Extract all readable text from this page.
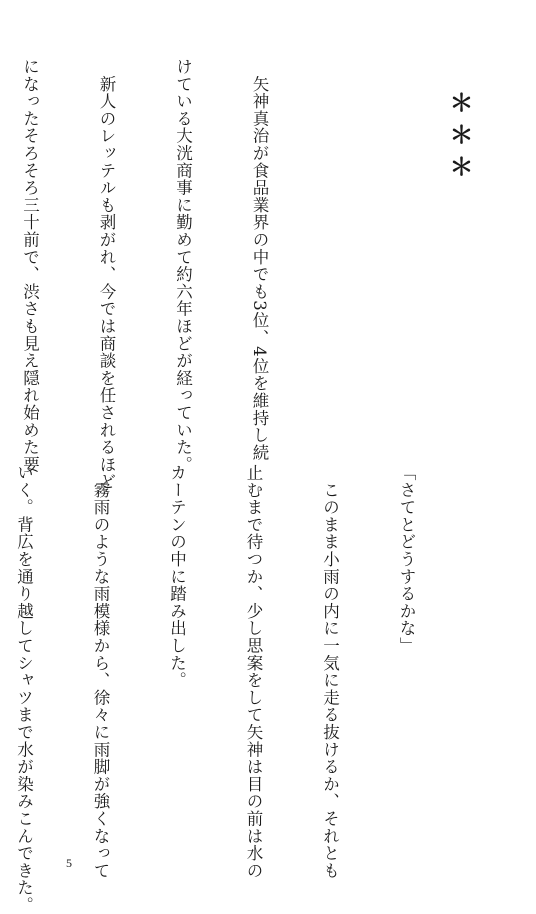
＊＊＊

　矢神真治が食品業界の中でも3位、4位を維持し続

けている大洸商事に勤めて約六年ほどが経っていた。

　新人のレッテルも剥がれ、今では商談を任されるほど

になったそろそろ三十前で、渋さも見え隠れ始めた要

「さてとどうするかな」

　このまま小雨の内に一気に走る抜けるか、それとも

止むまで待つか、少し思案をして矢神は目の前は水の

カーテンの中に踏み出した。

　霧雨のような雨模様から、徐々に雨脚が強くなって

いく。背広を通り越してシャツまで水が染みこんできた。

	5
